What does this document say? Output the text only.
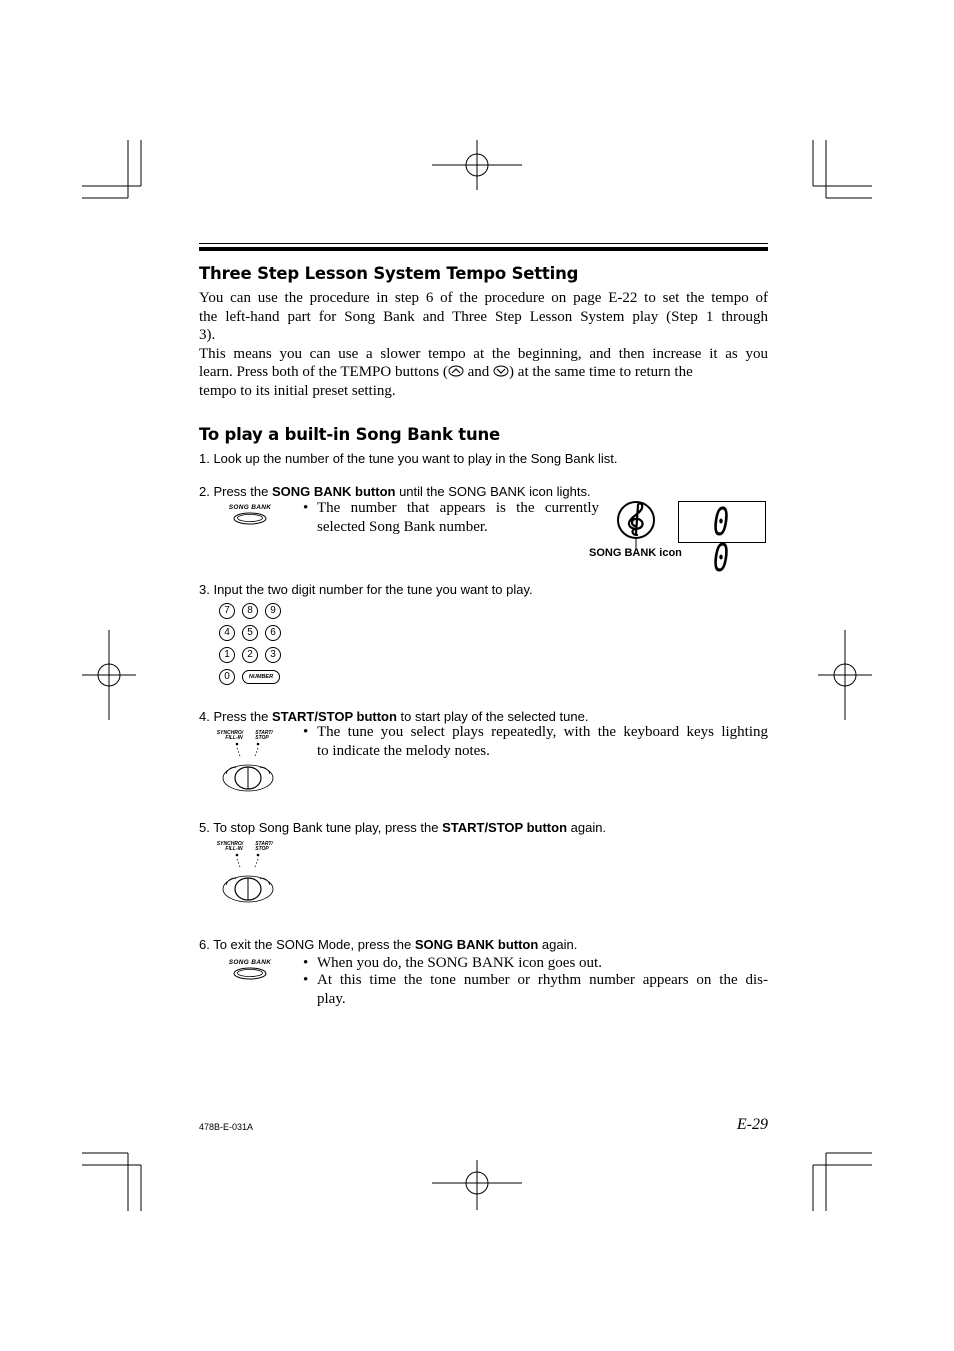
Three Step Lesson System Tempo Setting
You can use the procedure in step 6 of the procedure on page E-22 to set the tempo of
the left-hand part for Song Bank and Three Step Lesson System play (Step 1 through
3).
This means you can use a slower tempo at the beginning, and then increase it as you
learn. Press both of the TEMPO buttons ( and ) at the same time to return the
tempo to its initial preset setting.
To play a built-in Song Bank tune
1. Look up the number of the tune you want to play in the Song Bank list.
2. Press the SONG BANK button until the SONG BANK icon lights.
SONG BANK • The number that appears is the currently
selected Song Bank number.	0 0
SONG BANK icon
3. Input the two digit number for the tune you want to play.
7	8	9
4	5	6
1	2	3
0	NUMBER
4. Press the START/STOP button to start play of the selected tune.
SYNCHRO/
FILL-IN
START/
STOP • The tune you select plays repeatedly, with the keyboard keys lighting
to indicate the melody notes.
5. To stop Song Bank tune play, press the START/STOP button again.
SYNCHRO/
FILL-IN
START/
STOP
6. To exit the SONG Mode, press the SONG BANK button again.
SONG BANK • When you do, the SONG BANK icon goes out.
• At this time the tone number or rhythm number appears on the dis-
play.
478B-E-031A	E-29
